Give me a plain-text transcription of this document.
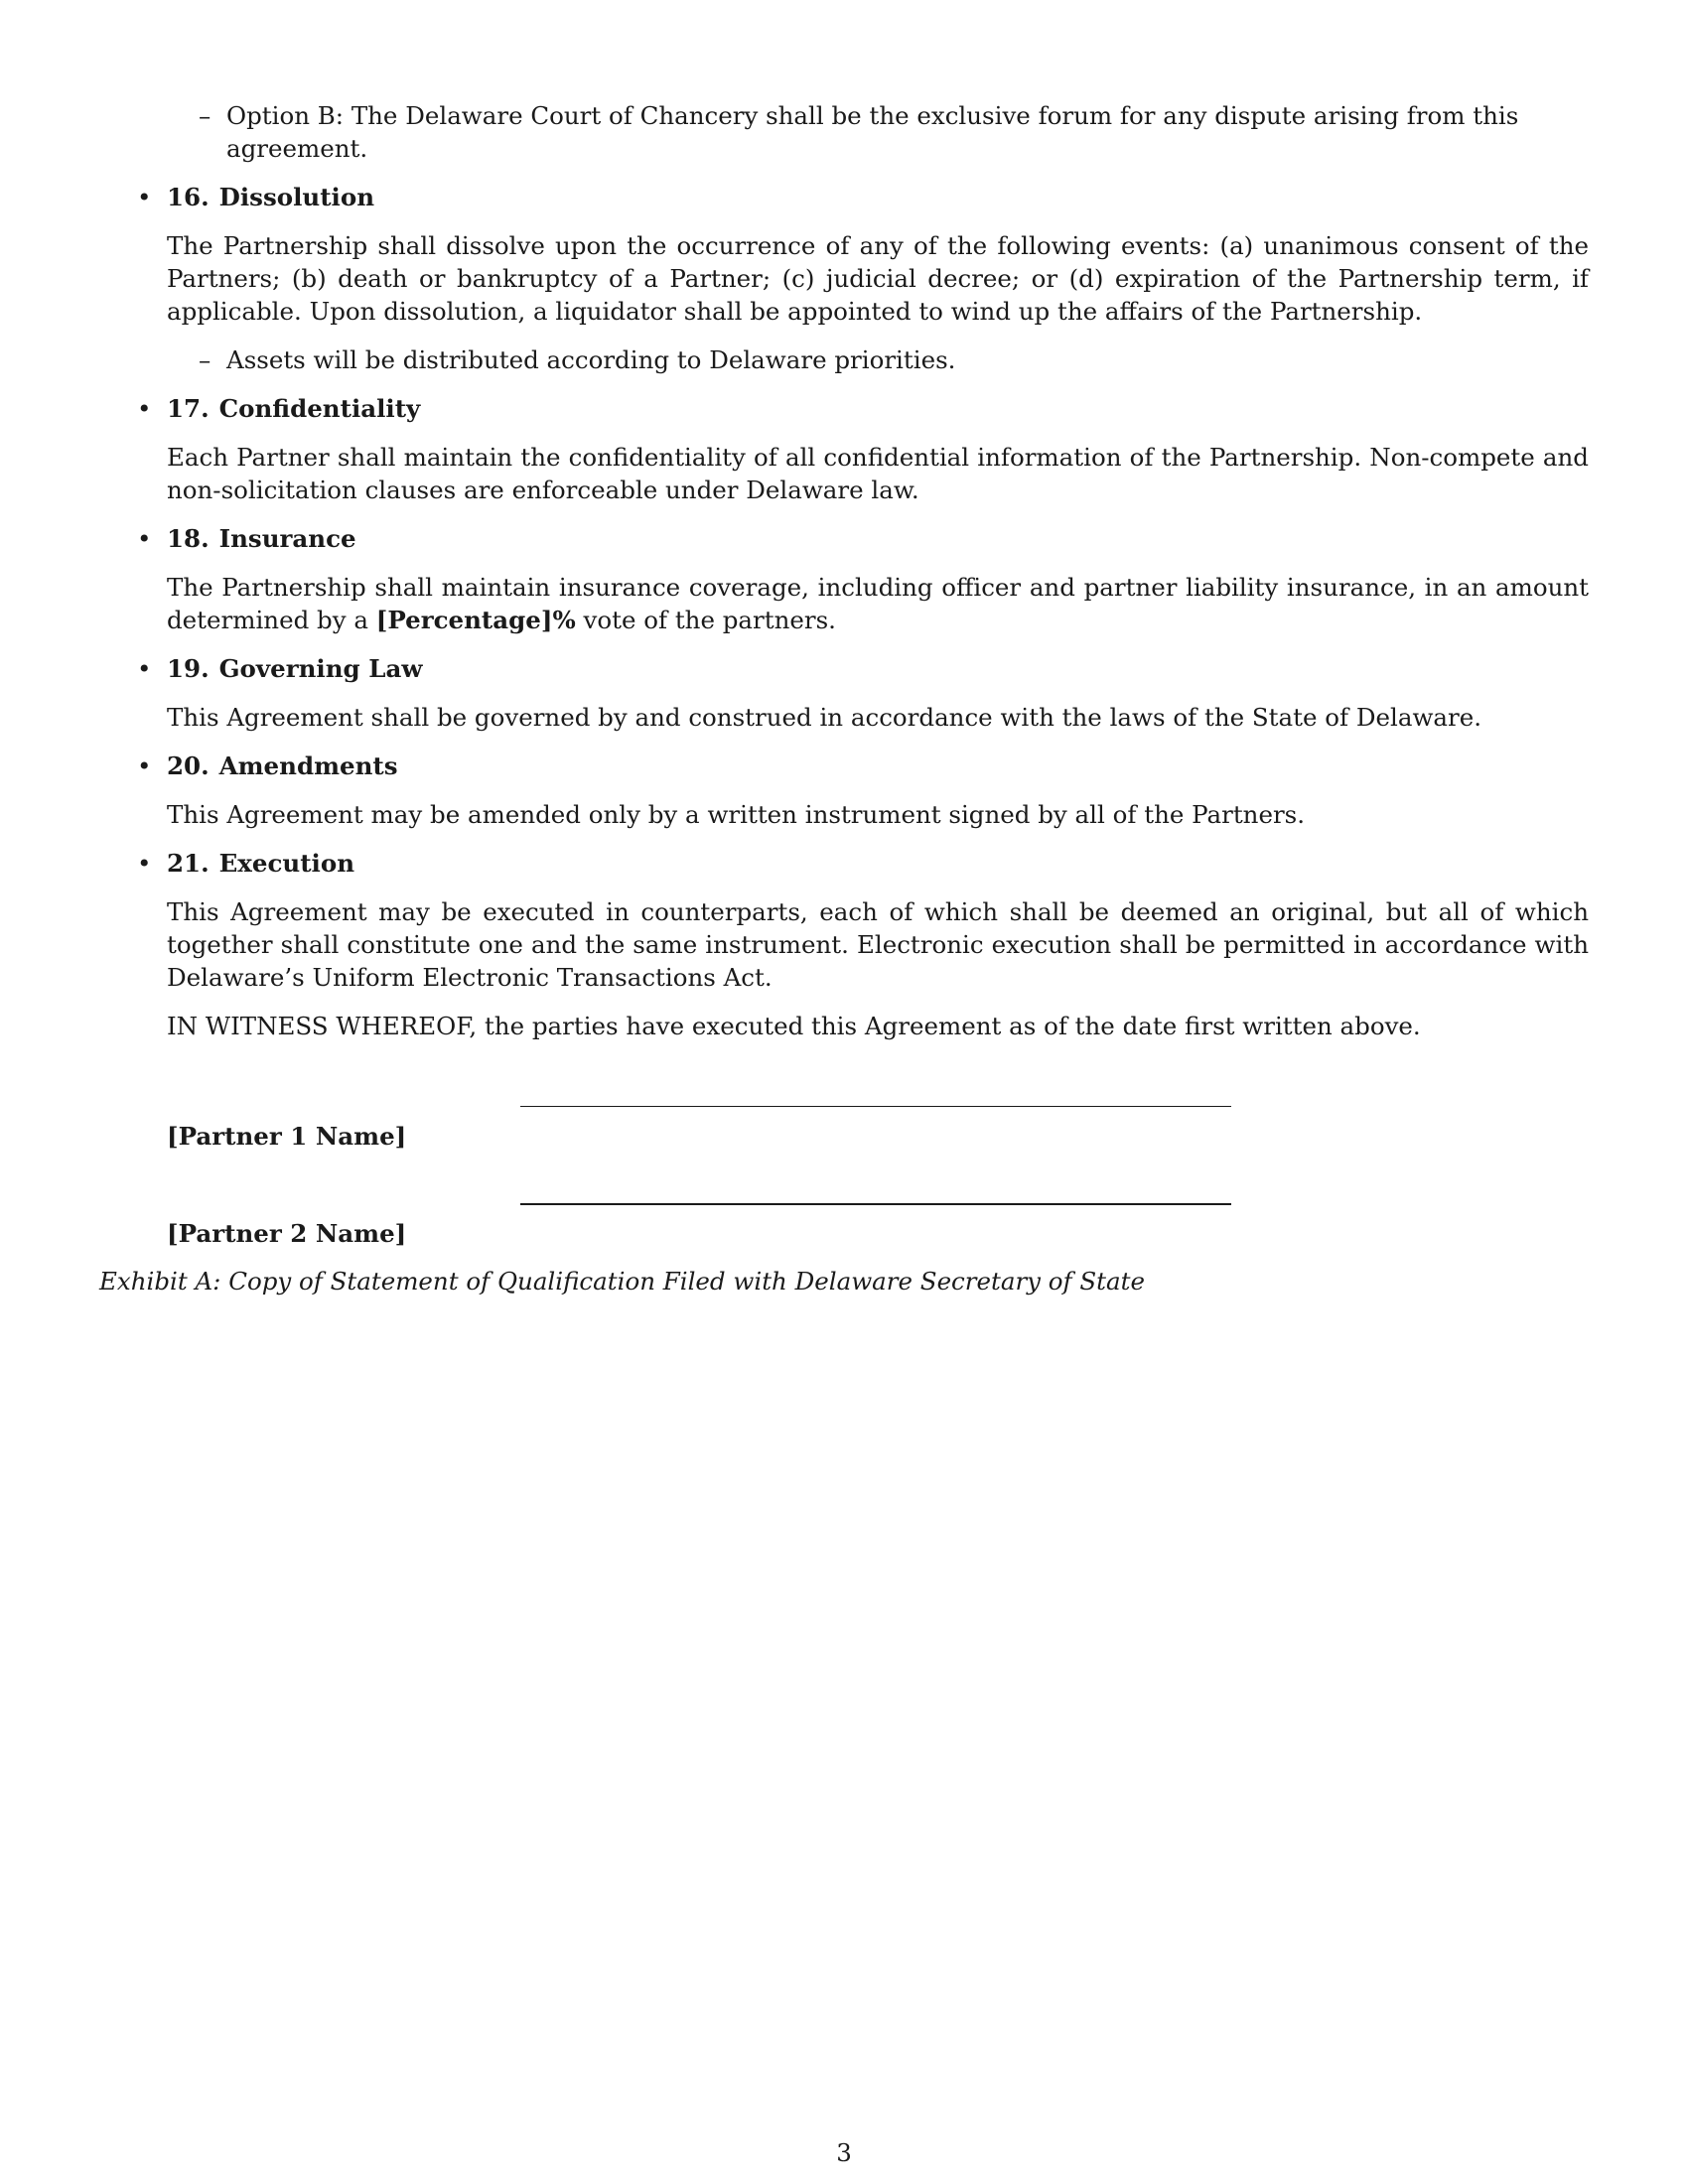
– Option B: The Delaware Court of Chancery shall be the exclusive forum for any dispute arising from this agreement.
• 16. Dissolution

The Partnership shall dissolve upon the occurrence of any of the following events: (a) unanimous consent of the Partners; (b) death or bankruptcy of a Partner; (c) judicial decree; or (d) expiration of the Partnership term, if applicable. Upon dissolution, a liquidator shall be appointed to wind up the affairs of the Partnership.

– Assets will be distributed according to Delaware priorities.
• 17. Confidentiality

Each Partner shall maintain the confidentiality of all confidential information of the Partnership. Non-compete and non-solicitation clauses are enforceable under Delaware law.

• 18. Insurance

The Partnership shall maintain insurance coverage, including officer and partner liability insurance, in an amount determined by a [Percentage]% vote of the partners.

• 19. Governing Law

This Agreement shall be governed by and construed in accordance with the laws of the State of Delaware.

• 20. Amendments

This Agreement may be amended only by a written instrument signed by all of the Partners.

• 21. Execution

This Agreement may be executed in counterparts, each of which shall be deemed an original, but all of which together shall constitute one and the same instrument. Electronic execution shall be permitted in accordance with Delaware’s Uniform Electronic Transactions Act.

IN WITNESS WHEREOF, the parties have executed this Agreement as of the date first written above.

[Partner 1 Name]
[Partner 2 Name]

Exhibit A: Copy of Statement of Qualification Filed with Delaware Secretary of State

3
